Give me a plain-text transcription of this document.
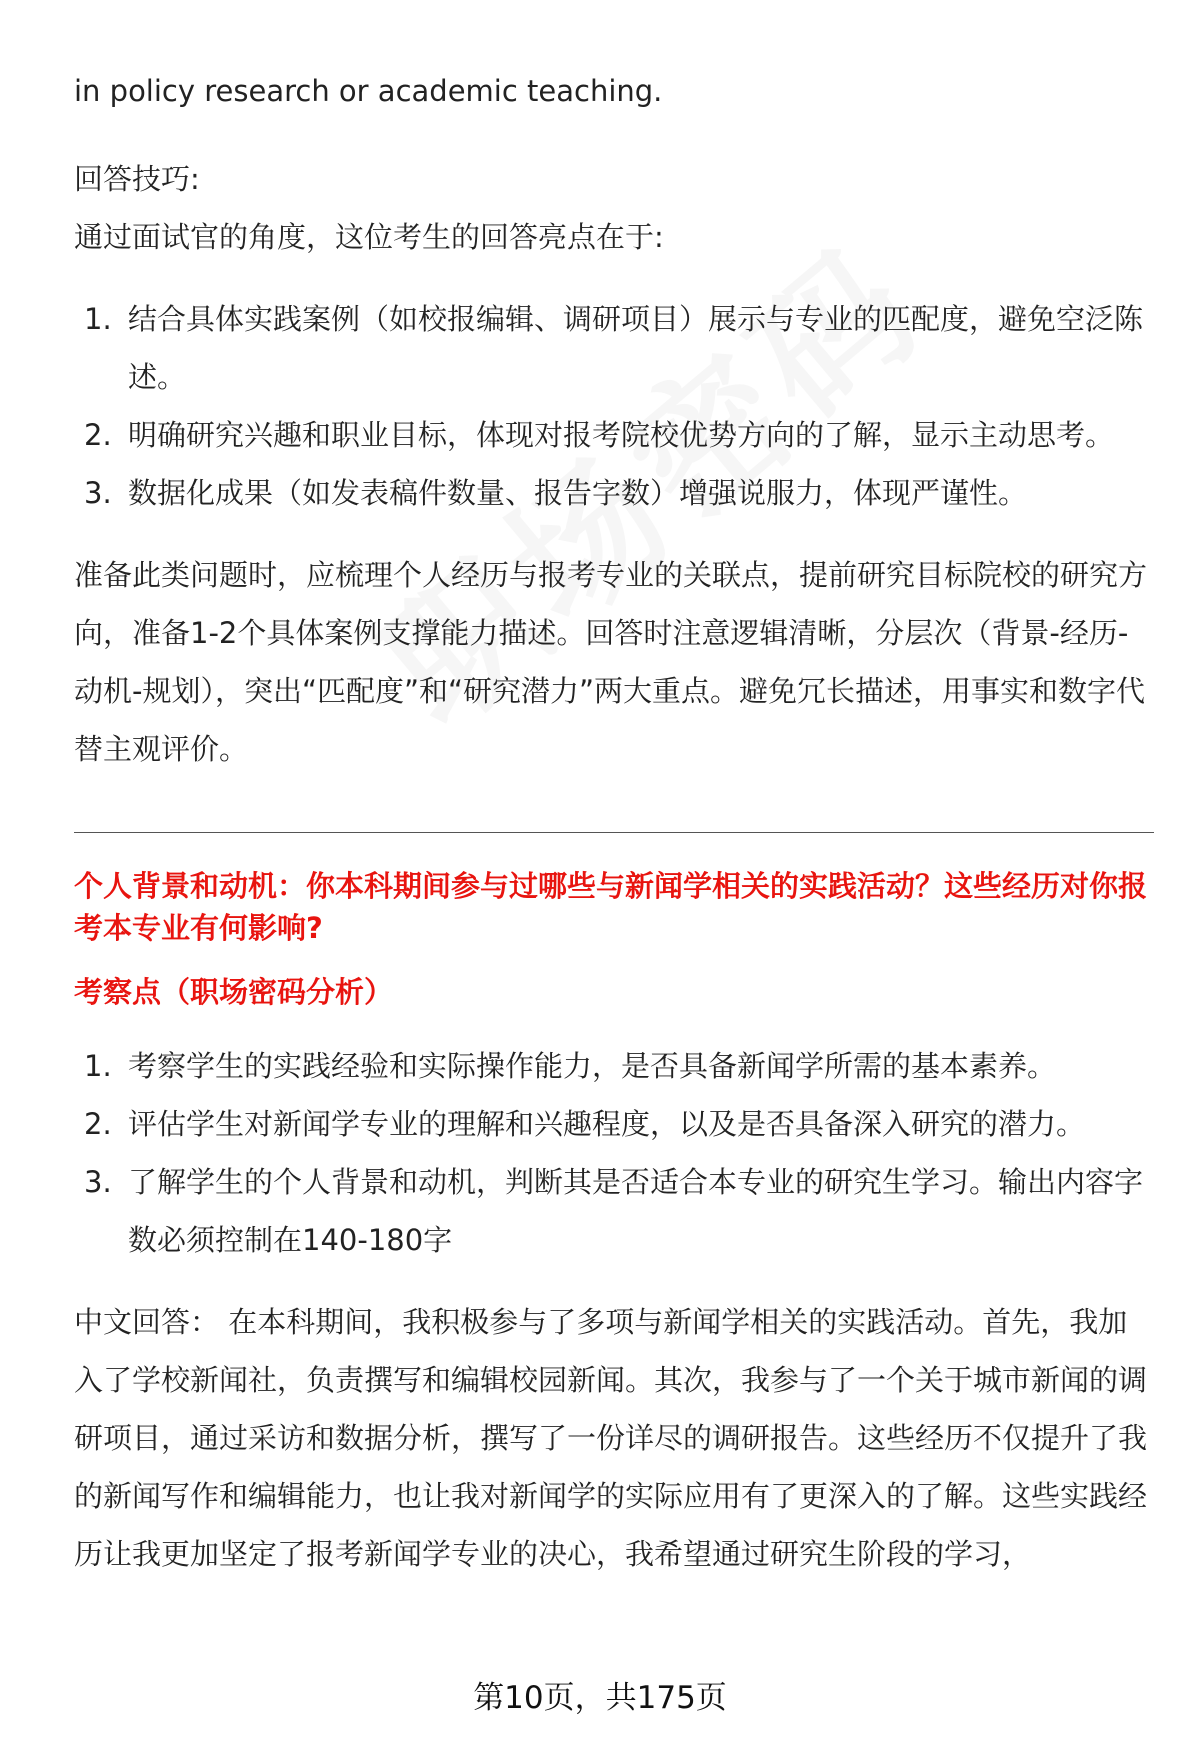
in policy research or academic teaching.

回答技巧:

通过面试官的角度，这位考生的回答亮点在于:

1. 结合具体实践案例（如校报编辑、调研项目）展示与专业的匹配度，避免空泛陈述。
2. 明确研究兴趣和职业目标，体现对报考院校优势方向的了解，显示主动思考。
3. 数据化成果（如发表稿件数量、报告字数）增强说服力，体现严谨性。

准备此类问题时，应梳理个人经历与报考专业的关联点，提前研究目标院校的研究方向，准备1-2个具体案例支撑能力描述。回答时注意逻辑清晰，分层次（背景-经历-动机-规划），突出“匹配度”和“研究潜力”两大重点。避免冗长描述，用事实和数字代替主观评价。

个人背景和动机：你本科期间参与过哪些与新闻学相关的实践活动？这些经历对你报考本专业有何影响?

考察点（职场密码分析）

1. 考察学生的实践经验和实际操作能力，是否具备新闻学所需的基本素养。
2. 评估学生对新闻学专业的理解和兴趣程度，以及是否具备深入研究的潜力。
3. 了解学生的个人背景和动机，判断其是否适合本专业的研究生学习。输出内容字数必须控制在140-180字

中文回答： 在本科期间，我积极参与了多项与新闻学相关的实践活动。首先，我加入了学校新闻社，负责撰写和编辑校园新闻。其次，我参与了一个关于城市新闻的调研项目，通过采访和数据分析，撰写了一份详尽的调研报告。这些经历不仅提升了我的新闻写作和编辑能力，也让我对新闻学的实际应用有了更深入的了解。这些实践经历让我更加坚定了报考新闻学专业的决心，我希望通过研究生阶段的学习，

第10页，共175页
